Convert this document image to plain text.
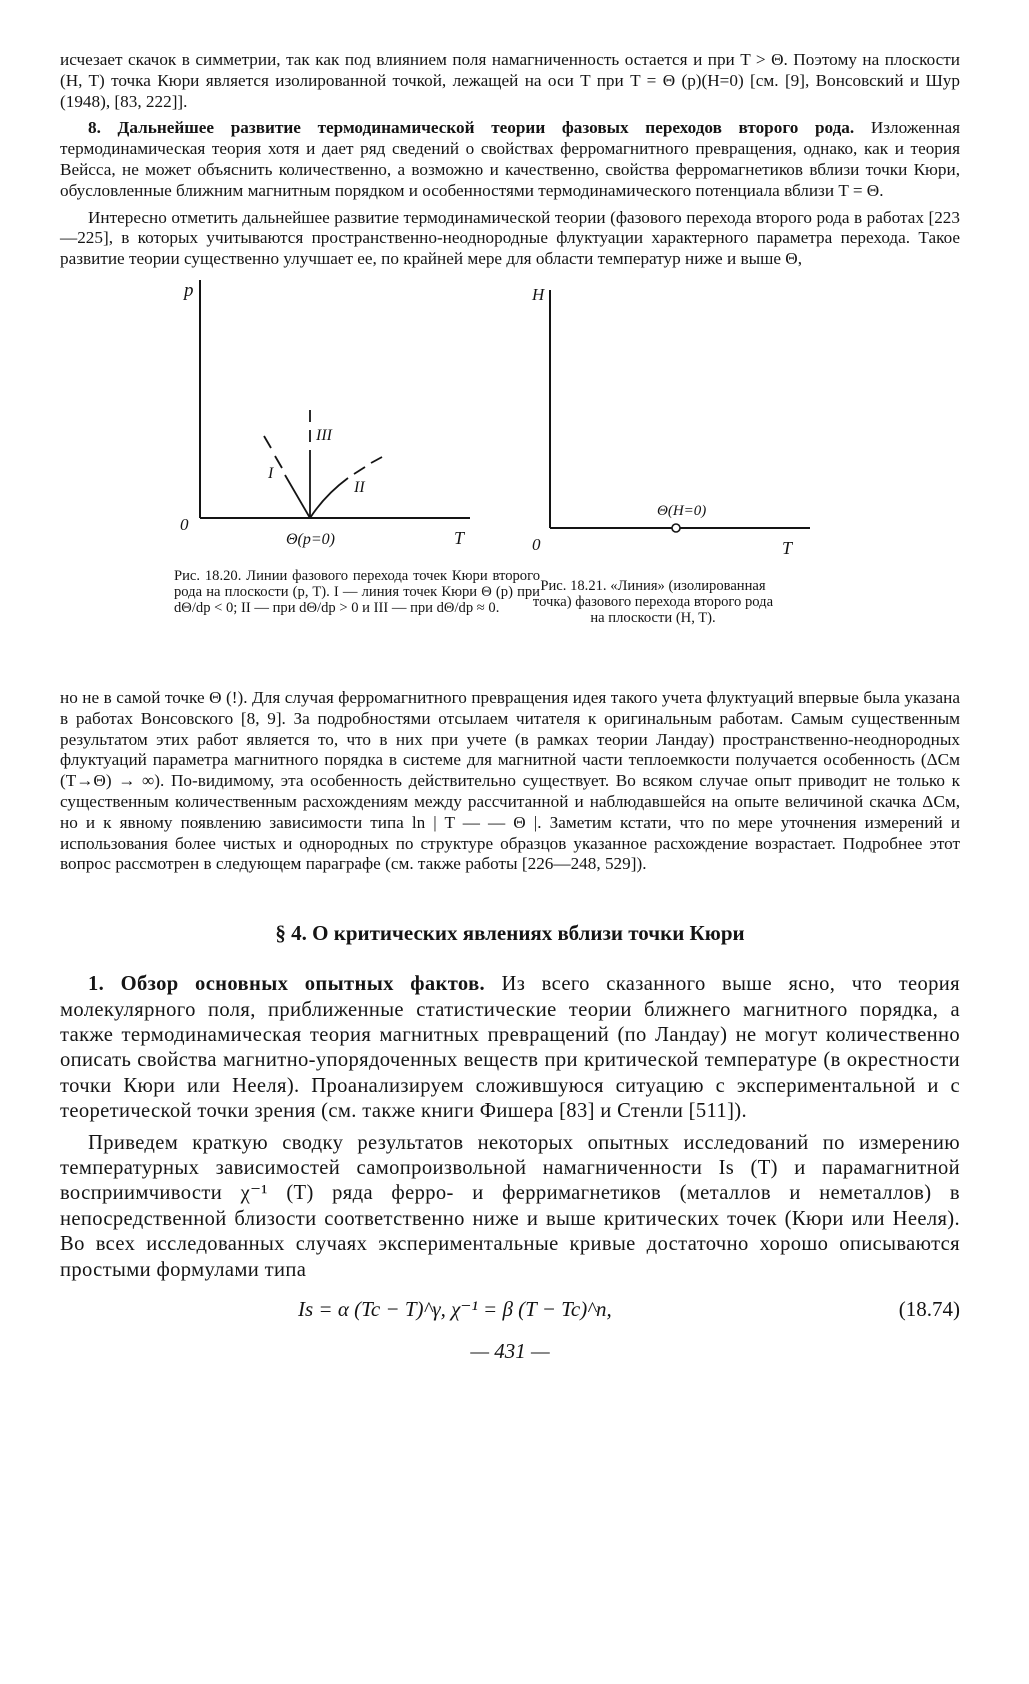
исчезает скачок в симметрии, так как под влиянием поля намагниченность остается и при T > Θ. Поэтому на плоскости (H, T) точка Кюри является изолированной точкой, лежащей на оси T при T = Θ (p)(H=0) [см. [9], Вонсовский и Шур (1948), [83, 222]].

8. Дальнейшее развитие термодинамической теории фазовых переходов второго рода. Изложенная термодинамическая теория хотя и дает ряд сведений о свойствах ферромагнитного превращения, однако, как и теория Вейсса, не может объяснить количественно, а возможно и качественно, свойства ферромагнетиков вблизи точки Кюри, обусловленные ближним магнитным порядком и особенностями термодинамического потенциала вблизи T = Θ.

Интересно отметить дальнейшее развитие термодинамической теории (фазового перехода второго рода в работах [223—225], в которых учитываются пространственно-неоднородные флуктуации характерного параметра перехода. Такое развитие теории существенно улучшает ее, по крайней мере для области температур ниже и выше Θ,

p
T
0
I
II
III
Θ(p=0)
Рис. 18.20. Линии фазового перехода точек Кюри второго рода на плоскости (p, T). I — линия точек Кюри Θ (p) при dΘ/dp < 0; II — при dΘ/dp > 0 и III — при dΘ/dp ≈ 0.
H
T
0
Θ(H=0)
Рис. 18.21. «Линия» (изолированная точка) фазового перехода второго рода на плоскости (H, T).

но не в самой точке Θ (!). Для случая ферромагнитного превращения идея такого учета флуктуаций впервые была указана в работах Вонсовского [8, 9]. За подробностями отсылаем читателя к оригинальным работам. Самым существенным результатом этих работ является то, что в них при учете (в рамках теории Ландау) пространственно-неоднородных флуктуаций параметра магнитного порядка в системе для магнитной части теплоемкости получается особенность (ΔCм (T→Θ) → ∞). По-видимому, эта особенность действительно существует. Во всяком случае опыт приводит не только к существенным количественным расхождениям между рассчитанной и наблюдавшейся на опыте величиной скачка ΔCм, но и к явному появлению зависимости типа ln | T — — Θ |. Заметим кстати, что по мере уточнения измерений и использования более чистых и однородных по структуре образцов указанное расхождение возрастает. Подробнее этот вопрос рассмотрен в следующем параграфе (см. также работы [226—248, 529]).

§ 4. О критических явлениях вблизи точки Кюри

1. Обзор основных опытных фактов. Из всего сказанного выше ясно, что теория молекулярного поля, приближенные статистические теории ближнего магнитного порядка, а также термодинамическая теория магнитных превращений (по Ландау) не могут количественно описать свойства магнитно-упорядоченных веществ при критической температуре (в окрестности точки Кюри или Нееля). Проанализируем сложившуюся ситуацию с экспериментальной и с теоретической точки зрения (см. также книги Фишера [83] и Стенли [511]).

Приведем краткую сводку результатов некоторых опытных исследований по измерению температурных зависимостей самопроизвольной намагниченности Is (T) и парамагнитной восприимчивости χ⁻¹ (T) ряда ферро- и ферримагнетиков (металлов и неметаллов) в непосредственной близости соответственно ниже и выше критических точек (Кюри или Нееля). Во всех исследованных случаях экспериментальные кривые достаточно хорошо описываются простыми формулами типа

Is = α (Tc − T)^γ, χ⁻¹ = β (T − Tc)^n,	(18.74)
— 431 —
